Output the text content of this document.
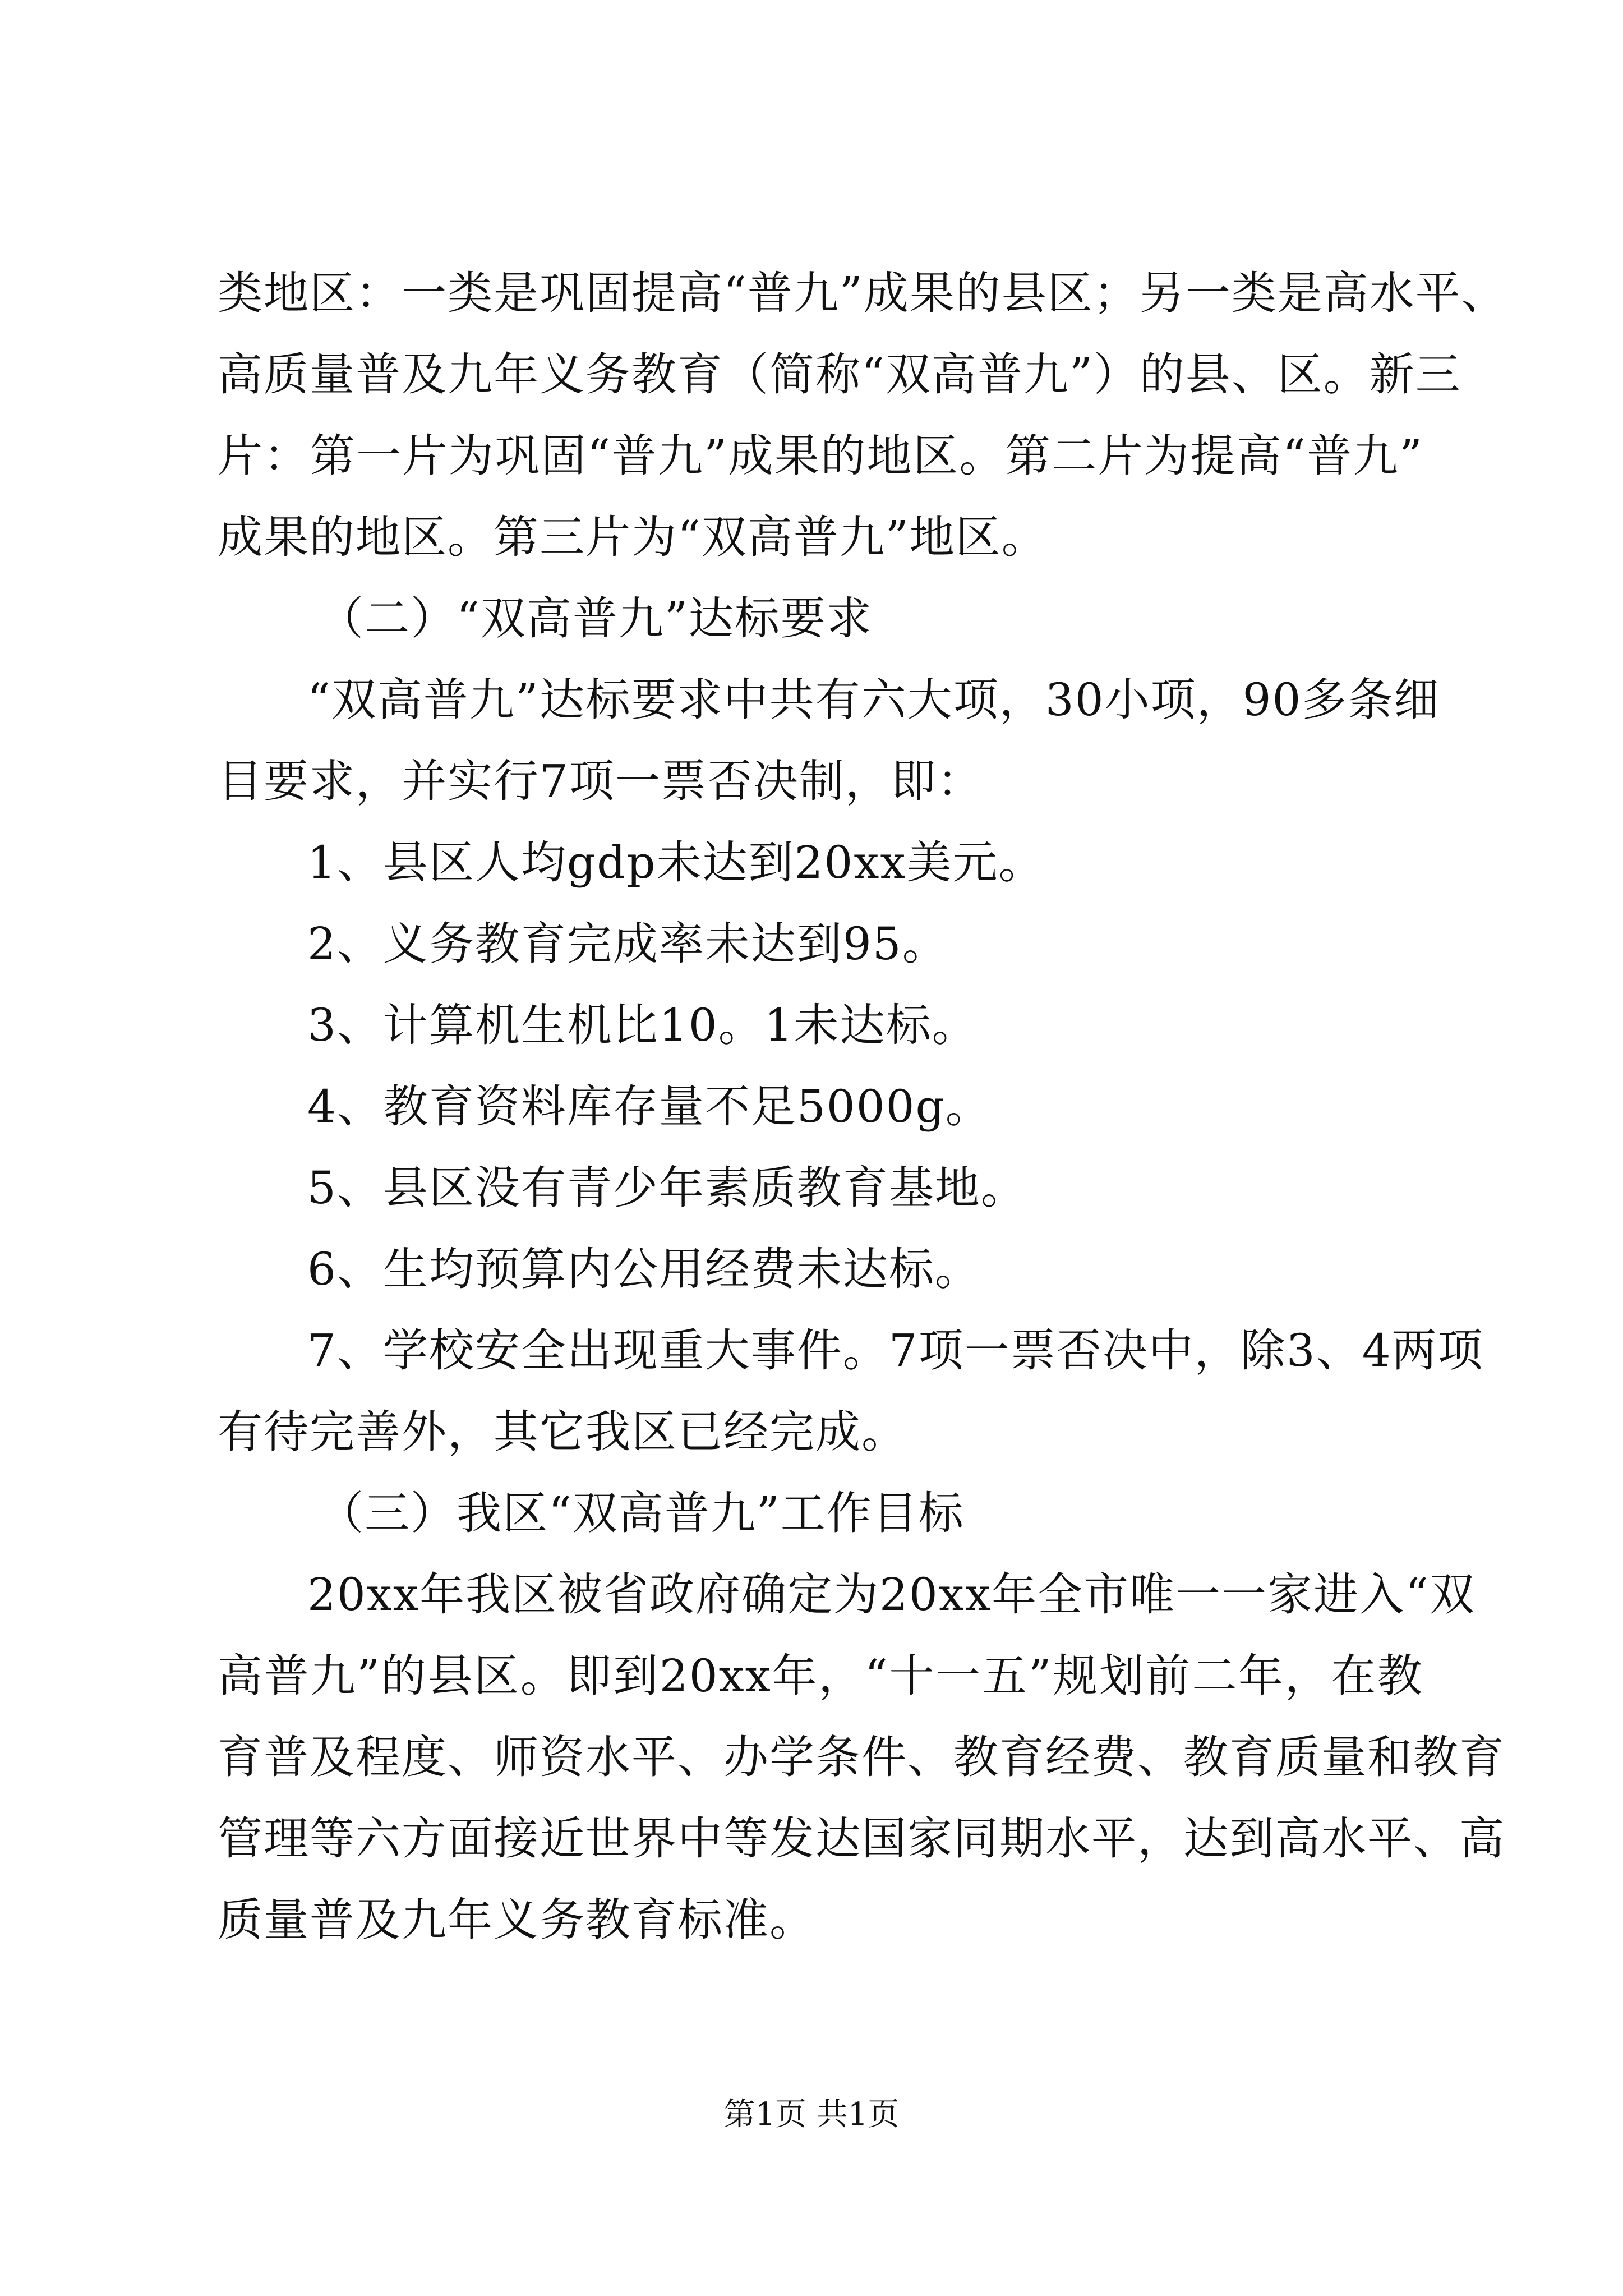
类地区：一类是巩固提高“普九”成果的县区；另一类是高水平、
高质量普及九年义务教育（简称“双高普九”）的县、区。新三
片：第一片为巩固“普九”成果的地区。第二片为提高“普九”
成果的地区。第三片为“双高普九”地区。
（二）“双高普九”达标要求
“双高普九”达标要求中共有六大项，30小项，90多条细
目要求，并实行7项一票否决制，即：
1、县区人均gdp未达到20xx美元。
2、义务教育完成率未达到95。
3、计算机生机比10。1未达标。
4、教育资料库存量不足5000g。
5、县区没有青少年素质教育基地。
6、生均预算内公用经费未达标。
7、学校安全出现重大事件。7项一票否决中，除3、4两项
有待完善外，其它我区已经完成。
（三）我区“双高普九”工作目标
20xx年我区被省政府确定为20xx年全市唯一一家进入“双
高普九”的县区。即到20xx年，“十一五”规划前二年，在教
育普及程度、师资水平、办学条件、教育经费、教育质量和教育
管理等六方面接近世界中等发达国家同期水平，达到高水平、高
质量普及九年义务教育标准。
第1页 共1页
